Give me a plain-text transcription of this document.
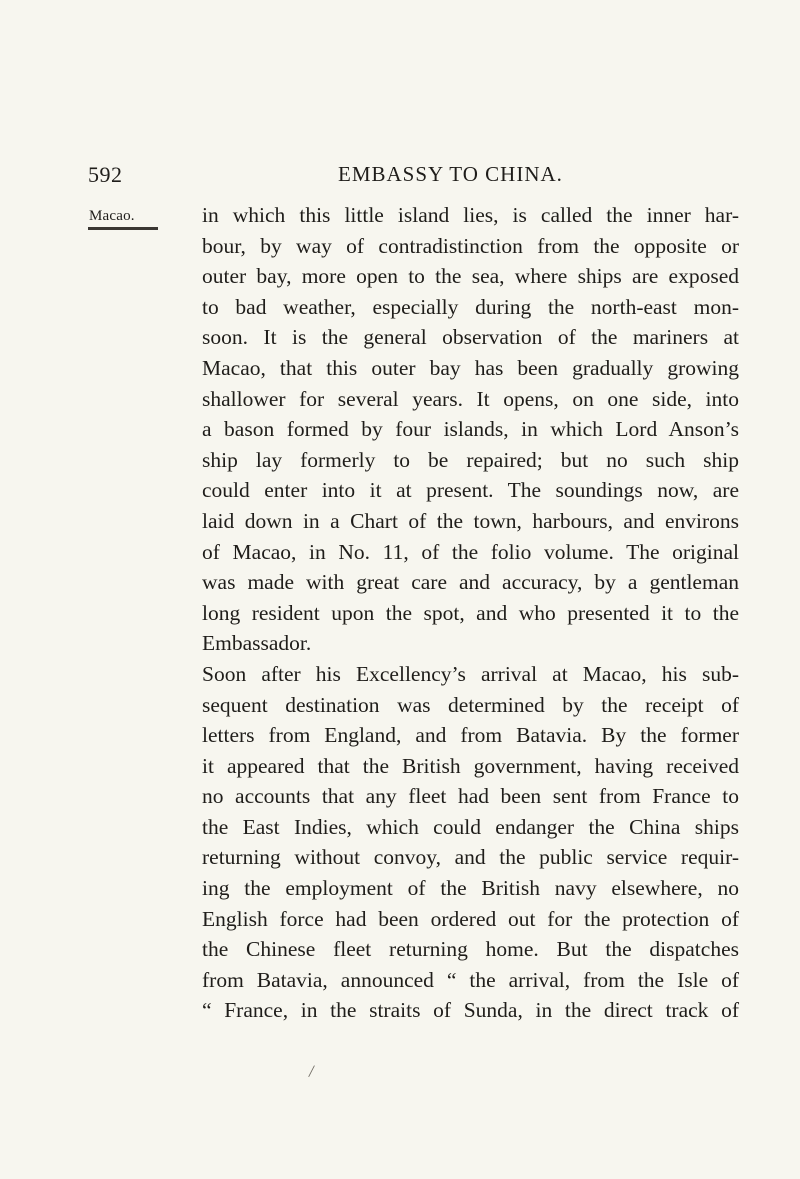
592	EMBASSY TO CHINA.
Macao.	in which this little island lies, is called the inner har-
bour, by way of contradistinction from the opposite or
outer bay, more open to the sea, where ships are exposed
to bad weather, especially during the north-east mon-
soon. It is the general observation of the mariners at
Macao, that this outer bay has been gradually growing
shallower for several years. It opens, on one side, into
a bason formed by four islands, in which Lord Anson’s
ship lay formerly to be repaired; but no such ship
could enter into it at present. The soundings now, are
laid down in a Chart of the town, harbours, and environs
of Macao, in No. 11, of the folio volume. The original
was made with great care and accuracy, by a gentleman
long resident upon the spot, and who presented it to the
Embassador.
Soon after his Excellency’s arrival at Macao, his sub-
sequent destination was determined by the receipt of
letters from England, and from Batavia. By the former
it appeared that the British government, having received
no accounts that any fleet had been sent from France to
the East Indies, which could endanger the China ships
returning without convoy, and the public service requir-
ing the employment of the British navy elsewhere, no
English force had been ordered out for the protection of
the Chinese fleet returning home. But the dispatches
from Batavia, announced “ the arrival, from the Isle of
“ France, in the straits of Sunda, in the direct track of
/
